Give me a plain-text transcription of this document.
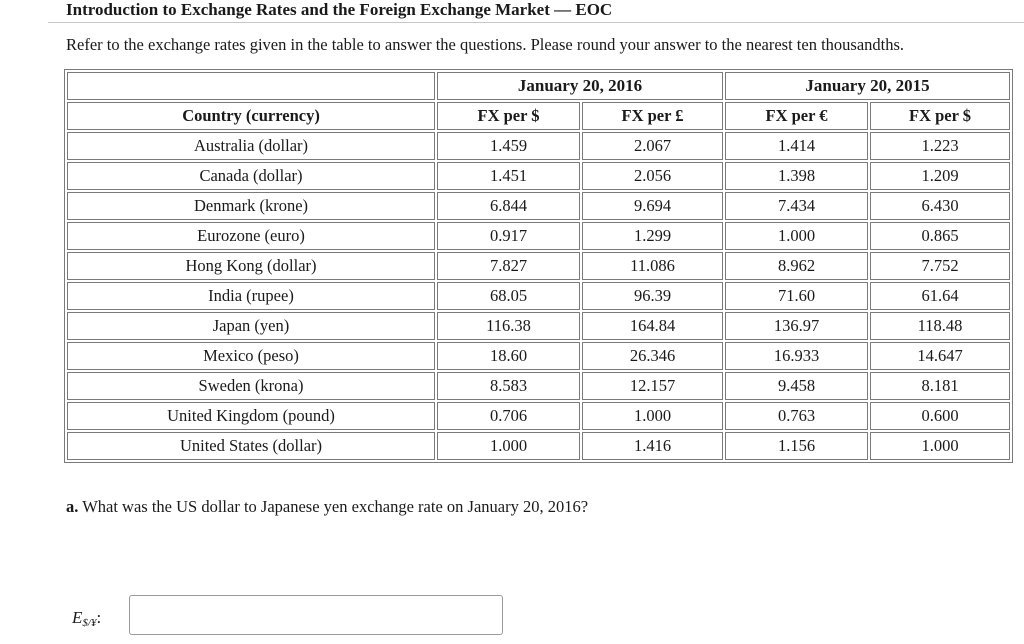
Introduction to Exchange Rates and the Foreign Exchange Market — EOC
Refer to the exchange rates given in the table to answer the questions. Please round your answer to the nearest ten thousandths.
	January 20, 2016		January 20, 2015	
Country (currency)	FX per $	FX per £	FX per €	FX per $
Australia (dollar)	1.459	2.067	1.414	1.223
Canada (dollar)	1.451	2.056	1.398	1.209
Denmark (krone)	6.844	9.694	7.434	6.430
Eurozone (euro)	0.917	1.299	1.000	0.865
Hong Kong (dollar)	7.827	11.086	8.962	7.752
India (rupee)	68.05	96.39	71.60	61.64
Japan (yen)	116.38	164.84	136.97	118.48
Mexico (peso)	18.60	26.346	16.933	14.647
Sweden (krona)	8.583	12.157	9.458	8.181
United Kingdom (pound)	0.706	1.000	0.763	0.600
United States (dollar)	1.000	1.416	1.156	1.000
a. What was the US dollar to Japanese yen exchange rate on January 20, 2016?
$E_{\$/¥}$:
